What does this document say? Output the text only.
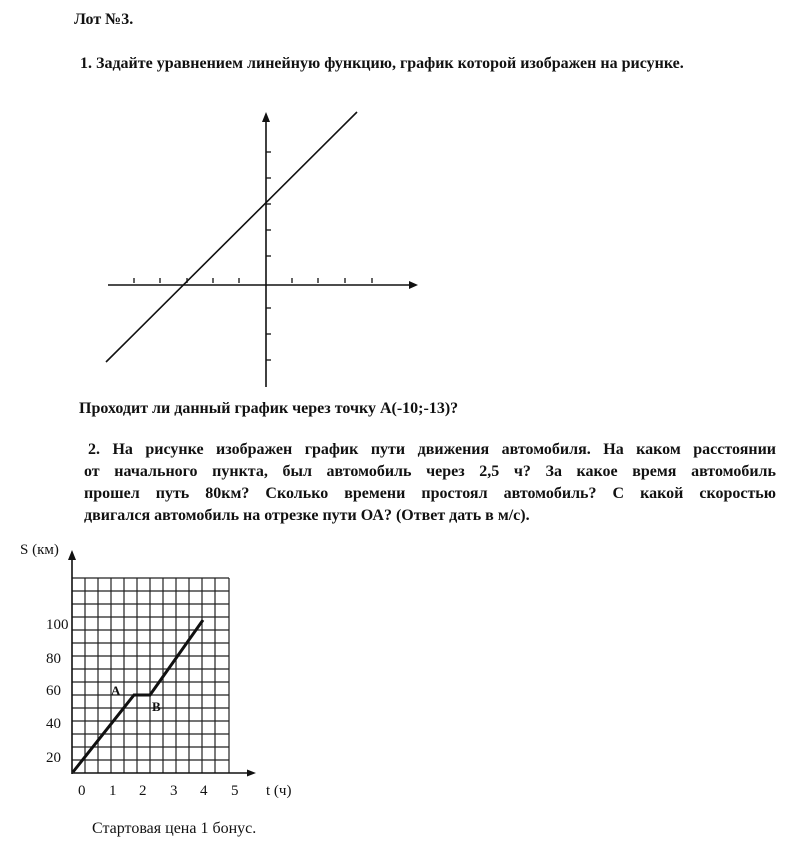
Лот №3.
1. Задайте уравнением линейную функцию, график которой изображен на рисунке.
Проходит ли данный график через точку А(-10;-13)?
2. На рисунке изображен график пути движения автомобиля. На каком расстоянии
от начального пункта, был автомобиль через 2,5 ч? За какое время автомобиль
прошел путь 80км? Сколько времени простоял автомобиль? С какой скоростью
двигался автомобиль на отрезке пути ОА? (Ответ дать в м/с).
S (км)
100
80
60
40
20
0 1 2 3 4 5 t (ч)
A
B
Стартовая цена 1 бонус.
